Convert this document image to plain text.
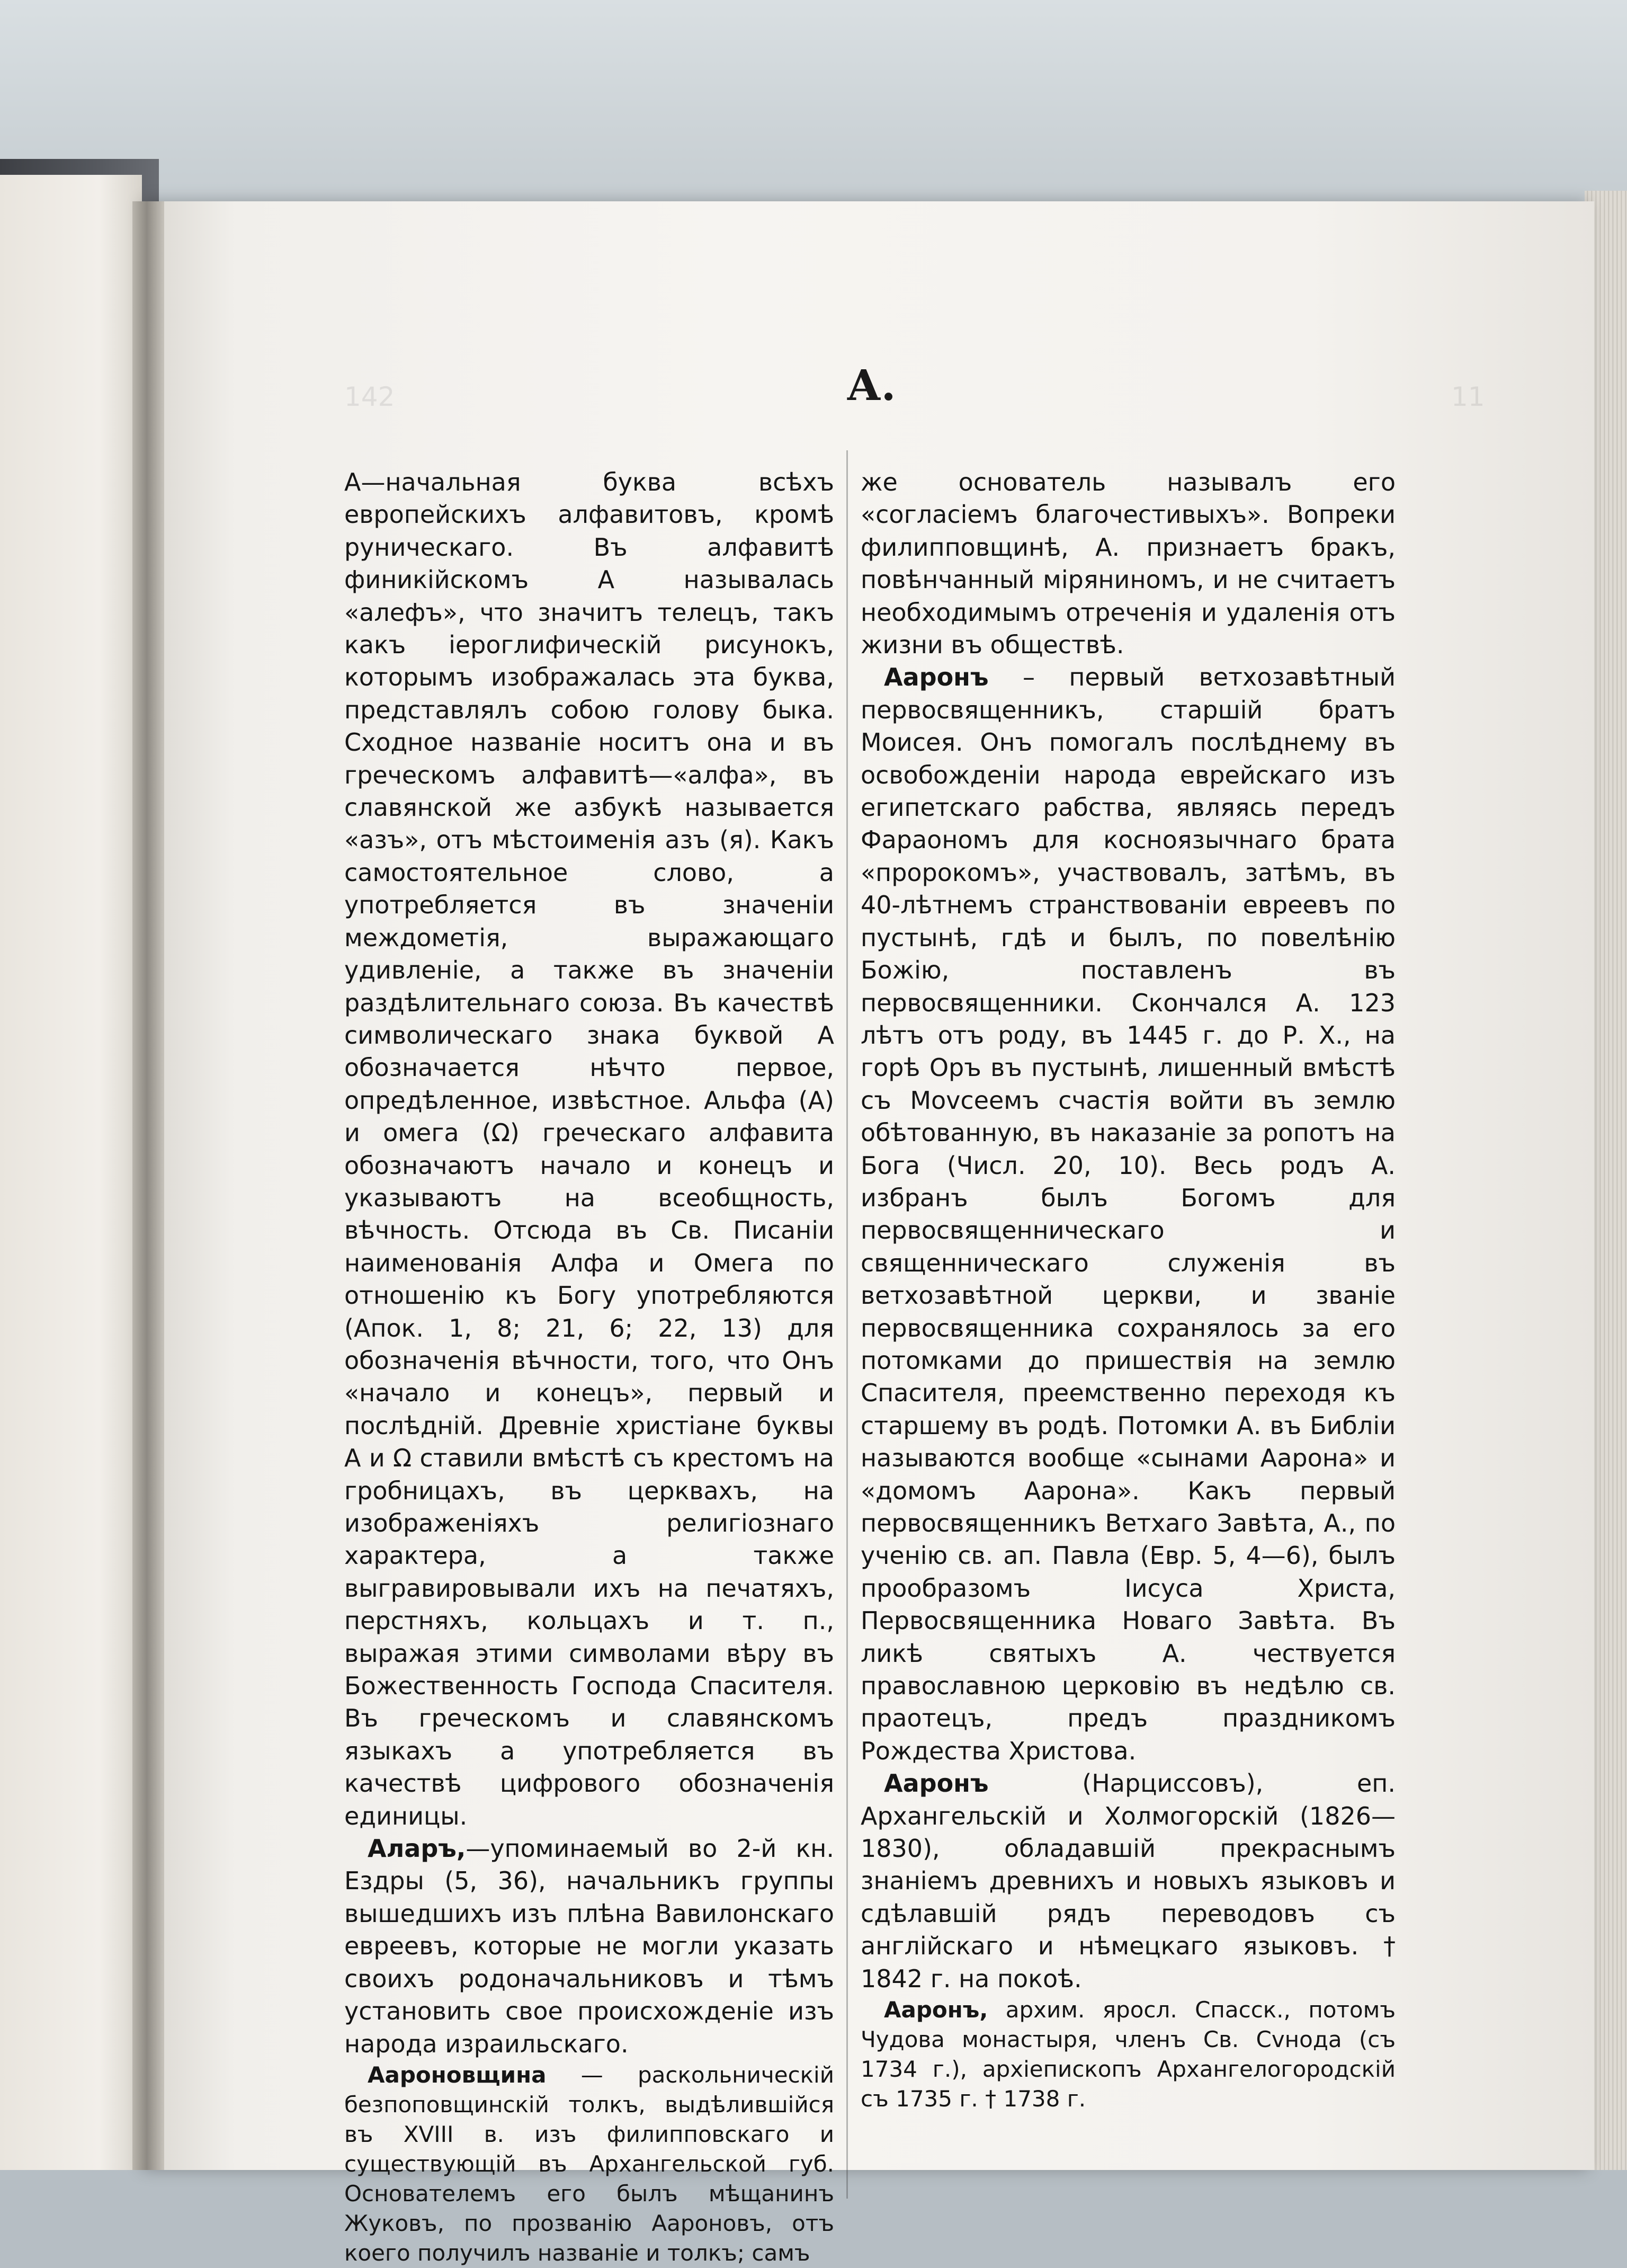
142	11
А.

А—начальная буква всѣхъ европейскихъ алфавитовъ, кромѣ руническаго. Въ алфавитѣ финикійскомъ А называлась «алефъ», что значитъ телецъ, такъ какъ іероглифическій рисунокъ, которымъ изображалась эта буква, представлялъ собою голову быка. Сходное названіе носитъ она и въ греческомъ алфавитѣ—«алфа», въ славянской же азбукѣ называется «азъ», отъ мѣстоименія азъ (я). Какъ самостоятельное слово, а употребляется въ значеніи междометія, выражающаго удивленіе, а также въ значеніи раздѣлительнаго союза. Въ качествѣ символическаго знака буквой А обозначается нѣчто первое, опредѣленное, извѣстное. Альфа (А) и омега (Ω) греческаго алфавита обозначаютъ начало и конецъ и указываютъ на всеобщность, вѣчность. Отсюда въ Св. Писаніи наименованія Алфа и Омега по отношенію къ Богу употребляются (Апок. 1, 8; 21, 6; 22, 13) для обозначенія вѣчности, того, что Онъ «начало и конецъ», первый и послѣдній. Древніе христіане буквы А и Ω ставили вмѣстѣ съ крестомъ на гробницахъ, въ церквахъ, на изображеніяхъ религіознаго характера, а также выгравировывали ихъ на печатяхъ, перстняхъ, кольцахъ и т. п., выражая этими символами вѣру въ Божественность Господа Спасителя. Въ греческомъ и славянскомъ языкахъ а употребляется въ качествѣ цифрового обозначенія единицы.

Аларъ,—упоминаемый во 2-й кн. Ездры (5, 36), начальникъ группы вышедшихъ изъ плѣна Вавилонскаго евреевъ, которые не могли указать своихъ родоначальниковъ и тѣмъ установить свое происхожденіе изъ народа израильскаго.

Аароновщина — раскольническій безпоповщинскій толкъ, выдѣлившійся въ XVIII в. изъ филипповскаго и существующій въ Архангельской губ. Основателемъ его былъ мѣщанинъ Жуковъ, по прозванію Аароновъ, отъ коего получилъ названіе и толкъ; самъ

же основатель называлъ его «согласіемъ благочестивыхъ». Вопреки филипповщинѣ, А. признаетъ бракъ, повѣнчанный міряниномъ, и не считаетъ необходимымъ отреченія и удаленія отъ жизни въ обществѣ.

Ааронъ – первый ветхозавѣтный первосвященникъ, старшій братъ Моисея. Онъ помогалъ послѣднему въ освобожденіи народа еврейскаго изъ египетскаго рабства, являясь передъ Фараономъ для косноязычнаго брата «пророкомъ», участвовалъ, затѣмъ, въ 40-лѣтнемъ странствованіи евреевъ по пустынѣ, гдѣ и былъ, по повелѣнію Божію, поставленъ въ первосвященники. Скончался А. 123 лѣтъ отъ роду, въ 1445 г. до Р. Х., на горѣ Оръ въ пустынѣ, лишенный вмѣстѣ съ Моvсеемъ счастія войти въ землю обѣтованную, въ наказаніе за ропотъ на Бога (Числ. 20, 10). Весь родъ А. избранъ былъ Богомъ для первосвященническаго и священническаго служенія въ ветхозавѣтной церкви, и званіе первосвященника сохранялось за его потомками до пришествія на землю Спасителя, преемственно переходя къ старшему въ родѣ. Потомки А. въ Библіи называются вообще «сынами Аарона» и «домомъ Аарона». Какъ первый первосвященникъ Ветхаго Завѣта, А., по ученію св. ап. Павла (Евр. 5, 4—6), былъ прообразомъ Іисуса Христа, Первосвященника Новаго Завѣта. Въ ликѣ святыхъ А. чествуется православною церковію въ недѣлю св. праотецъ, предъ праздникомъ Рождества Христова.

Ааронъ (Нарциссовъ), еп. Архангельскій и Холмогорскій (1826—1830), обладавшій прекраснымъ знаніемъ древнихъ и новыхъ языковъ и сдѣлавшій рядъ переводовъ съ англійскаго и нѣмецкаго языковъ. † 1842 г. на покоѣ.

Ааронъ, архим. яросл. Спасск., потомъ Чудова монастыря, членъ Св. Сvнода (съ 1734 г.), архіепископъ Архангелогородскій съ 1735 г. † 1738 г.
